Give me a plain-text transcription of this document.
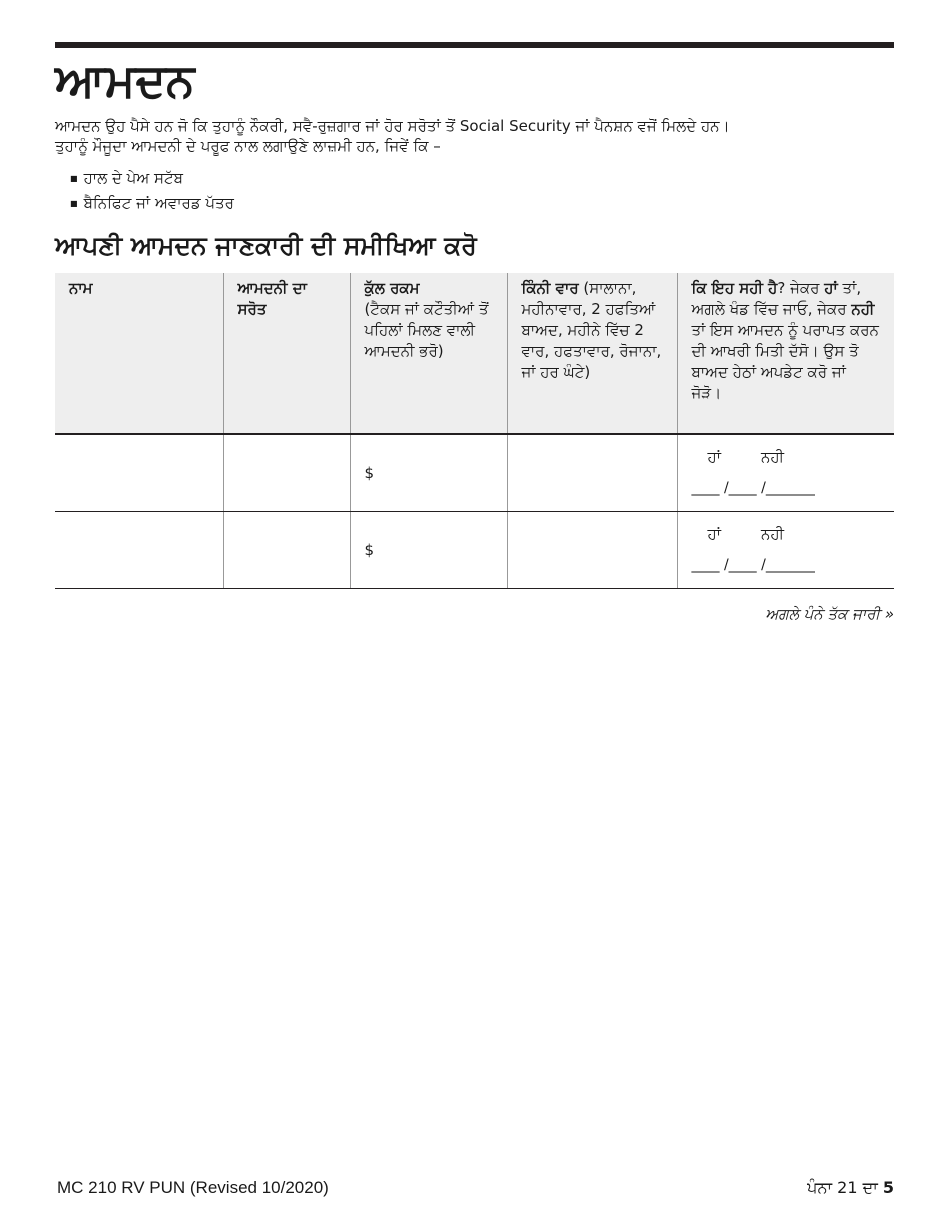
ਆਮਦਨ
ਆਮਦਨ ਉਹ ਪੈਸੇ ਹਨ ਜੋ ਕਿ ਤੁਹਾਨੂੰ ਨੌਕਰੀ, ਸਵੈ-ਰੁਜ਼ਗਾਰ ਜਾਂ ਹੋਰ ਸਰੋਤਾਂ ਤੋਂ Social Security ਜਾਂ ਪੈਨਸ਼ਨ ਵਜੋਂ ਮਿਲਦੇ ਹਨ।
ਤੁਹਾਨੂੰ ਮੌਜੂਦਾ ਆਮਦਨੀ ਦੇ ਪਰੂਫ ਨਾਲ ਲਗਾਉਣੇ ਲਾਜ਼ਮੀ ਹਨ, ਜਿਵੇਂ ਕਿ –
■ ਹਾਲ ਦੇ ਪੇਅ ਸਟੱਬ
■ ਬੈਨਿਫਿਟ ਜਾਂ ਅਵਾਰਡ ਪੱਤਰ
ਆਪਣੀ ਆਮਦਨ ਜਾਣਕਾਰੀ ਦੀ ਸਮੀਖਿਆ ਕਰੋ
ਨਾਮ	ਆਮਦਨੀ ਦਾ ਸਰੋਤ	ਕੁੱਲ ਰਕਮ
(ਟੈਕਸ ਜਾਂ ਕਟੌਤੀਆਂ ਤੋਂ ਪਹਿਲਾਂ ਮਿਲਣ ਵਾਲੀ ਆਮਦਨੀ ਭਰੋ)	ਕਿੰਨੀ ਵਾਰ (ਸਾਲਾਨਾ, ਮਹੀਨਾਵਾਰ, 2 ਹਫਤਿਆਂ ਬਾਅਦ, ਮਹੀਨੇ ਵਿੱਚ 2 ਵਾਰ, ਹਫਤਾਵਾਰ, ਰੋਜਾਨਾ, ਜਾਂ ਹਰ ਘੰਟੇ)	ਕਿ ਇਹ ਸਹੀ ਹੈ? ਜੇਕਰ ਹਾਂ ਤਾਂ, ਅਗਲੇ ਖੰਡ ਵਿੱਚ ਜਾਓ, ਜੇਕਰ ਨਹੀ ਤਾਂ ਇਸ ਆਮਦਨ ਨੂੰ ਪਰਾਪਤ ਕਰਨ ਦੀ ਆਖਰੀ ਮਿਤੀ ਦੱਸੋ। ਉਸ ਤੋ ਬਾਅਦ ਹੇਠਾਂ ਅਪਡੇਟ ਕਰੋ ਜਾਂ ਜੋੜੋ।
		$		
ਹਾਂ	ਨਹੀ
____ /____ /_______

		$		
ਹਾਂ	ਨਹੀ
____ /____ /_______
ਅਗਲੇ ਪੰਨੇ ਤੱਕ ਜਾਰੀ »
MC 210 RV PUN (Revised 10/2020)	ਪੰਨਾ 21 ਦਾ 5
